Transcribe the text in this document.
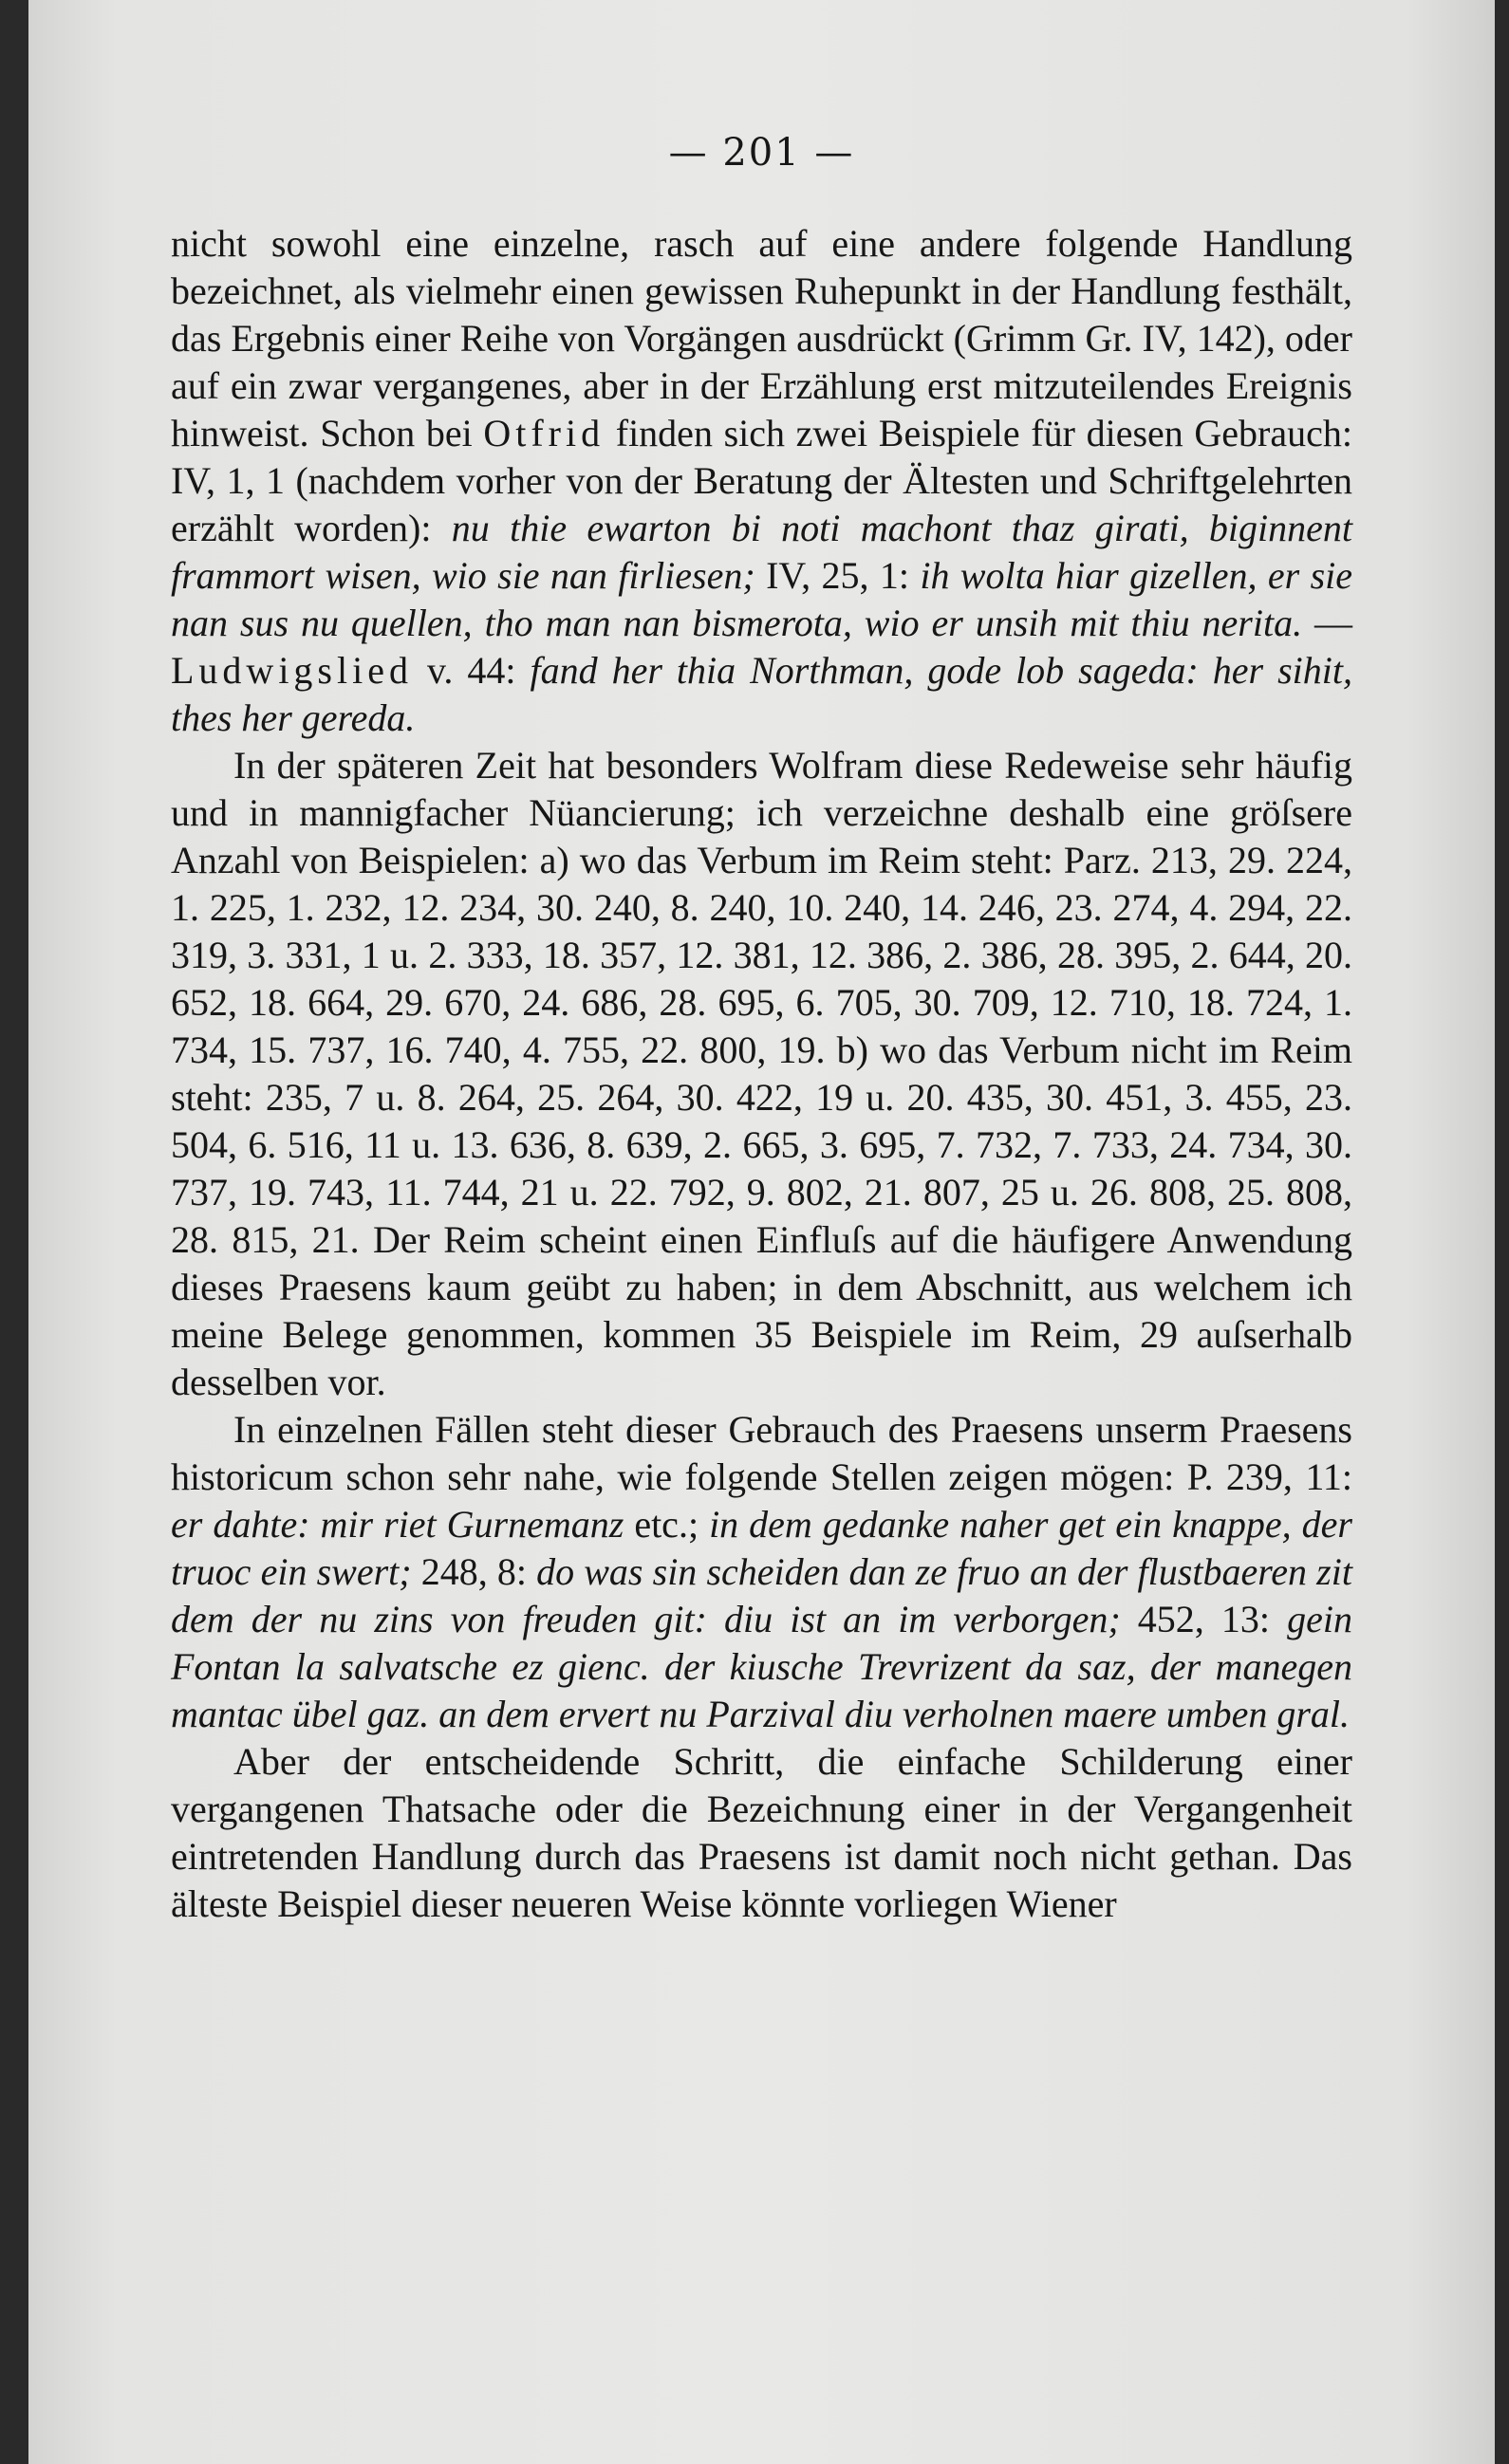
— 201 —

nicht sowohl eine einzelne, rasch auf eine andere folgende Handlung bezeichnet, als vielmehr einen gewissen Ruhepunkt in der Handlung festhält, das Ergebnis einer Reihe von Vorgängen ausdrückt (Grimm Gr. IV, 142), oder auf ein zwar vergangenes, aber in der Erzählung erst mitzuteilendes Ereignis hinweist. Schon bei Otfrid finden sich zwei Beispiele für diesen Gebrauch: IV, 1, 1 (nachdem vorher von der Beratung der Ältesten und Schriftgelehrten erzählt worden): nu thie ewarton bi noti machont thaz girati, biginnent frammort wisen, wio sie nan firliesen; IV, 25, 1: ih wolta hiar gizellen, er sie nan sus nu quellen, tho man nan bismerota, wio er unsih mit thiu nerita. — Ludwigslied v. 44: fand her thia Northman, gode lob sageda: her sihit, thes her gereda.

In der späteren Zeit hat besonders Wolfram diese Redeweise sehr häufig und in mannigfacher Nüancierung; ich verzeichne deshalb eine gröſsere Anzahl von Beispielen: a) wo das Verbum im Reim steht: Parz. 213, 29. 224, 1. 225, 1. 232, 12. 234, 30. 240, 8. 240, 10. 240, 14. 246, 23. 274, 4. 294, 22. 319, 3. 331, 1 u. 2. 333, 18. 357, 12. 381, 12. 386, 2. 386, 28. 395, 2. 644, 20. 652, 18. 664, 29. 670, 24. 686, 28. 695, 6. 705, 30. 709, 12. 710, 18. 724, 1. 734, 15. 737, 16. 740, 4. 755, 22. 800, 19. b) wo das Verbum nicht im Reim steht: 235, 7 u. 8. 264, 25. 264, 30. 422, 19 u. 20. 435, 30. 451, 3. 455, 23. 504, 6. 516, 11 u. 13. 636, 8. 639, 2. 665, 3. 695, 7. 732, 7. 733, 24. 734, 30. 737, 19. 743, 11. 744, 21 u. 22. 792, 9. 802, 21. 807, 25 u. 26. 808, 25. 808, 28. 815, 21. Der Reim scheint einen Einfluſs auf die häufigere Anwendung dieses Praesens kaum geübt zu haben; in dem Abschnitt, aus welchem ich meine Belege genommen, kommen 35 Beispiele im Reim, 29 auſserhalb desselben vor.

In einzelnen Fällen steht dieser Gebrauch des Praesens unserm Praesens historicum schon sehr nahe, wie folgende Stellen zeigen mögen: P. 239, 11: er dahte: mir riet Gurnemanz etc.; in dem gedanke naher get ein knappe, der truoc ein swert; 248, 8: do was sin scheiden dan ze fruo an der flustbaeren zit dem der nu zins von freuden git: diu ist an im verborgen; 452, 13: gein Fontan la salvatsche ez gienc. der kiusche Trevrizent da saz, der manegen mantac übel gaz. an dem ervert nu Parzival diu verholnen maere umben gral.

Aber der entscheidende Schritt, die einfache Schilderung einer vergangenen Thatsache oder die Bezeichnung einer in der Vergangenheit eintretenden Handlung durch das Praesens ist damit noch nicht gethan. Das älteste Beispiel dieser neueren Weise könnte vorliegen Wiener
